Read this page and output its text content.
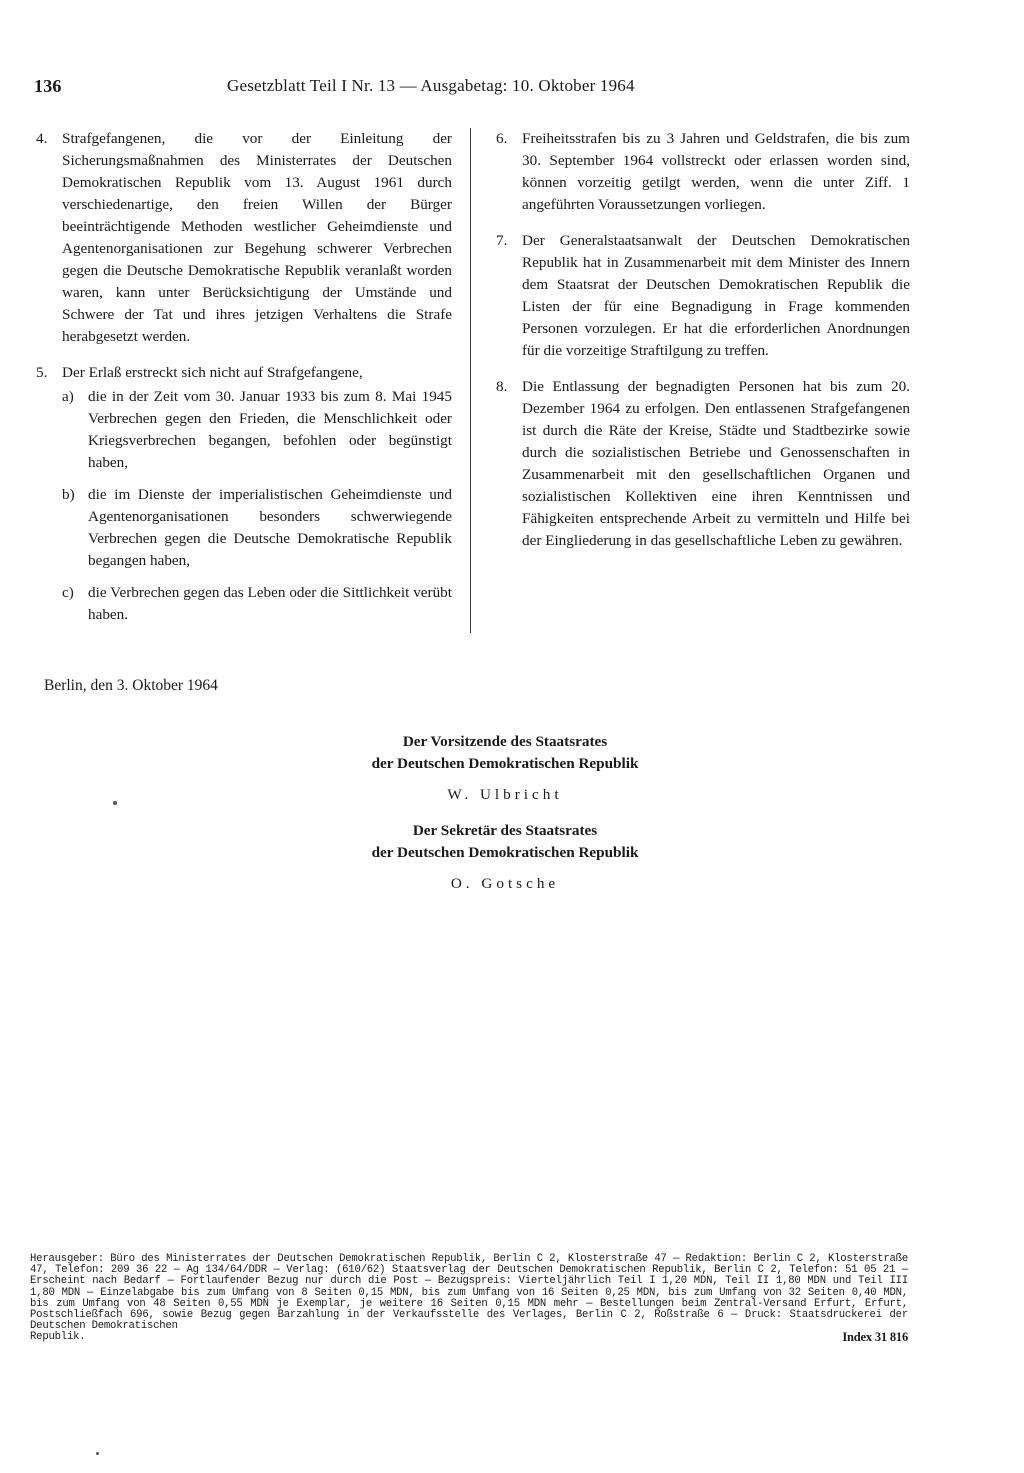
136	Gesetzblatt Teil I Nr. 13 — Ausgabetag: 10. Oktober 1964
4. Strafgefangenen, die vor der Einleitung der Sicherungsmaßnahmen des Ministerrates der Deutschen Demokratischen Republik vom 13. August 1961 durch verschiedenartige, den freien Willen der Bürger beeinträchtigende Methoden westlicher Geheimdienste und Agentenorganisationen zur Begehung schwerer Verbrechen gegen die Deutsche Demokratische Republik veranlaßt worden waren, kann unter Berücksichtigung der Umstände und Schwere der Tat und ihres jetzigen Verhaltens die Strafe herabgesetzt werden.

5. Der Erlaß erstreckt sich nicht auf Strafgefangene,

a) die in der Zeit vom 30. Januar 1933 bis zum 8. Mai 1945 Verbrechen gegen den Frieden, die Menschlichkeit oder Kriegsverbrechen begangen, befohlen oder begünstigt haben,

b) die im Dienste der imperialistischen Geheimdienste und Agentenorganisationen besonders schwerwiegende Verbrechen gegen die Deutsche Demokratische Republik begangen haben,

c) die Verbrechen gegen das Leben oder die Sittlichkeit verübt haben.

6. Freiheitsstrafen bis zu 3 Jahren und Geldstrafen, die bis zum 30. September 1964 vollstreckt oder erlassen worden sind, können vorzeitig getilgt werden, wenn die unter Ziff. 1 angeführten Voraussetzungen vorliegen.

7. Der Generalstaatsanwalt der Deutschen Demokratischen Republik hat in Zusammenarbeit mit dem Minister des Innern dem Staatsrat der Deutschen Demokratischen Republik die Listen der für eine Begnadigung in Frage kommenden Personen vorzulegen. Er hat die erforderlichen Anordnungen für die vorzeitige Straftilgung zu treffen.

8. Die Entlassung der begnadigten Personen hat bis zum 20. Dezember 1964 zu erfolgen. Den entlassenen Strafgefangenen ist durch die Räte der Kreise, Städte und Stadtbezirke sowie durch die sozialistischen Betriebe und Genossenschaften in Zusammenarbeit mit den gesellschaftlichen Organen und sozialistischen Kollektiven eine ihren Kenntnissen und Fähigkeiten entsprechende Arbeit zu vermitteln und Hilfe bei der Eingliederung in das gesellschaftliche Leben zu gewähren.

Berlin, den 3. Oktober 1964
Der Vorsitzende des Staatsrates
der Deutschen Demokratischen Republik
W. Ulbricht
Der Sekretär des Staatsrates
der Deutschen Demokratischen Republik
O. Gotsche

Herausgeber: Büro des Ministerrates der Deutschen Demokratischen Republik, Berlin C 2, Klosterstraße 47 — Redaktion: Berlin C 2, Klosterstraße 47, Telefon: 209 36 22 — Ag 134/64/DDR — Verlag: (610/62) Staatsverlag der Deutschen Demokratischen Republik, Berlin C 2, Telefon: 51 05 21 — Erscheint nach Bedarf — Fortlaufender Bezug nur durch die Post — Bezugspreis: Vierteljährlich Teil I 1,20 MDN, Teil II 1,80 MDN und Teil III 1,80 MDN — Einzelabgabe bis zum Umfang von 8 Seiten 0,15 MDN, bis zum Umfang von 16 Seiten 0,25 MDN, bis zum Umfang von 32 Seiten 0,40 MDN, bis zum Umfang von 48 Seiten 0,55 MDN je Exemplar, je weitere 16 Seiten 0,15 MDN mehr — Bestellungen beim Zentral-Versand Erfurt, Erfurt, Postschließfach 696, sowie Bezug gegen Barzahlung in der Verkaufsstelle des Verlages, Berlin C 2, Roßstraße 6 — Druck: Staatsdruckerei der Deutschen Demokratischen

Republik.	Index 31 816
